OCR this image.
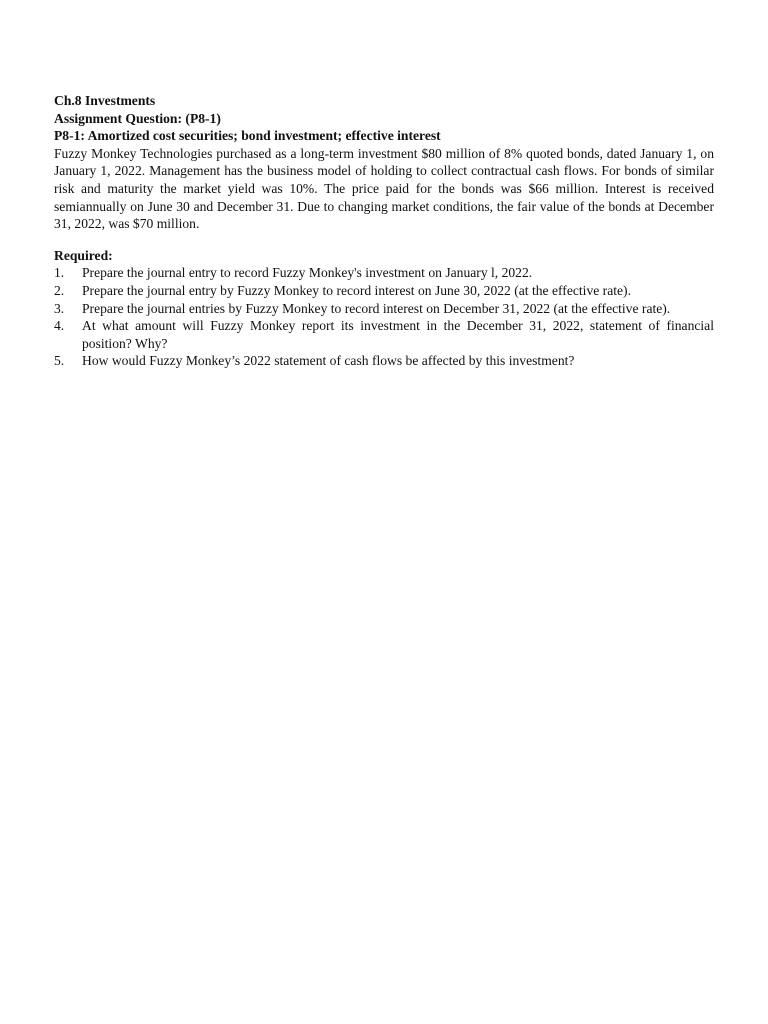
Ch.8 Investments

Assignment Question: (P8-1)

P8-1: Amortized cost securities; bond investment; effective interest

Fuzzy Monkey Technologies purchased as a long-term investment $80 million of 8% quoted bonds, dated January 1, on January 1, 2022. Management has the business model of holding to collect contractual cash flows. For bonds of similar risk and maturity the market yield was 10%. The price paid for the bonds was $66 million. Interest is received semiannually on June 30 and December 31. Due to changing market conditions, the fair value of the bonds at December 31, 2022, was $70 million.

Required:

1.	Prepare the journal entry to record Fuzzy Monkey's investment on January l, 2022.
2.	Prepare the journal entry by Fuzzy Monkey to record interest on June 30, 2022 (at the effective rate).
3.	Prepare the journal entries by Fuzzy Monkey to record interest on December 31, 2022 (at the effective rate).
4.	At what amount will Fuzzy Monkey report its investment in the December 31, 2022, statement of financial position? Why?
5.	How would Fuzzy Monkey’s 2022 statement of cash flows be affected by this investment?
